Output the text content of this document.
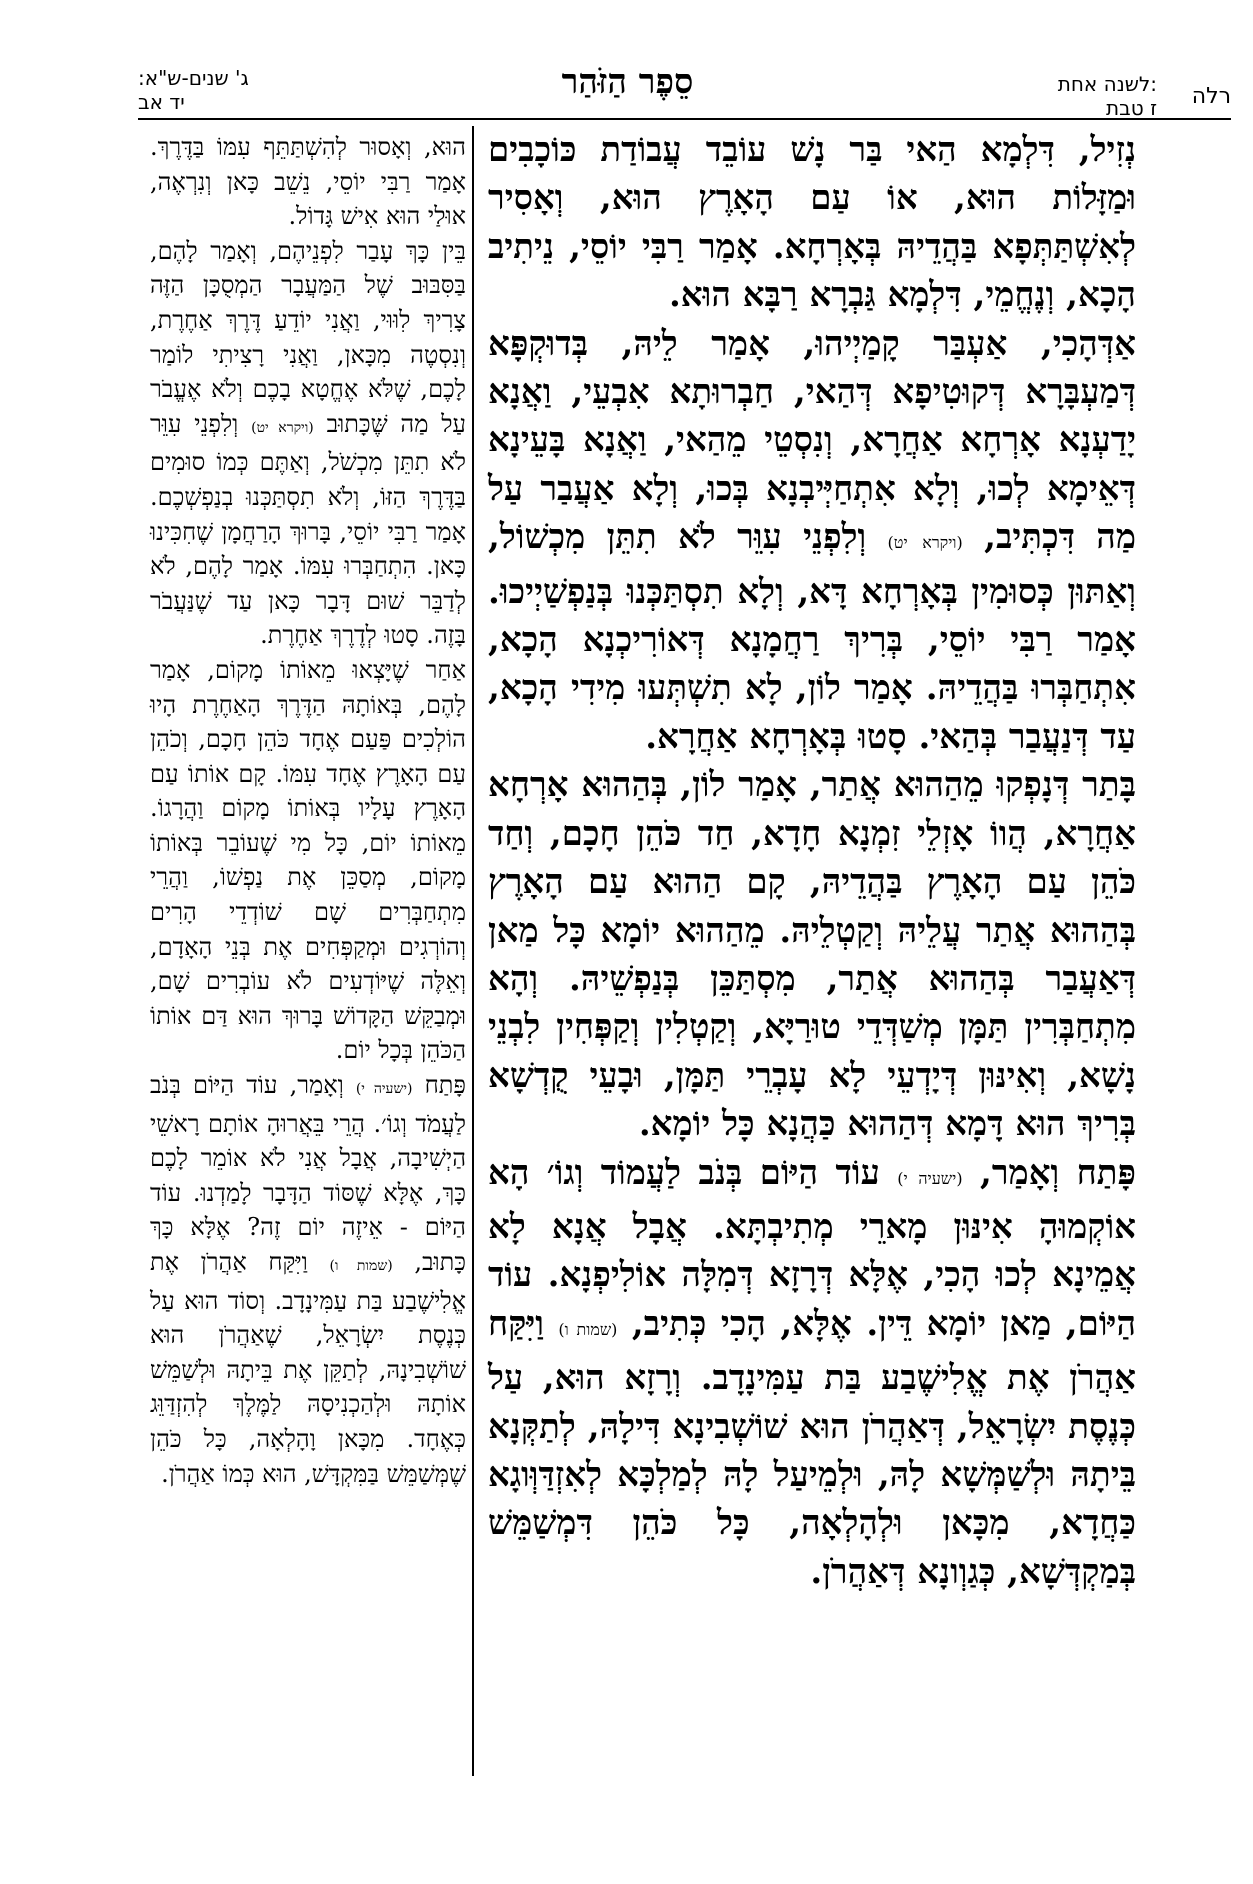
רלה
לשנה אחת:
ז טבת
סֵפֶר הַזֹּהַר
ג' שנים-ש"א:
יד אב

נְזִיל, דִּלְמָא הַאי בַּר נָשׁ עוֹבֵד עֲבוֹדַת כּוֹכָבִים וּמַזָּלוֹת הוּא, אוֹ עַם הָאָרֶץ הוּא, וְאָסִיר לְאִשְׁתַּתְּפָא בַּהֲדֵיהּ בְּאָרְחָא. אָמַר רַבִּי יוֹסֵי, נֵיתִיב הָכָא, וְנֶחֱמֵי, דִּלְמָא גַּבְרָא רַבָּא הוּא.

אַדְּהָכִי, אַעְבַּר קָמַיְיהוּ, אָמַר לֵיהּ, בְּדוּקְפָּא דְּמַעְבָּרָא דְּקוּטִיפָא דְּהַאי, חַבְרוּתָא אִבְעֵי, וַאֲנָא יָדַעְנָא אָרְחָא אַחֲרָא, וְנִסְטֵי מֵהַאי, וַאֲנָא בָּעֵינָא דְּאֵימָא לְכוּ, וְלָא אִתְחַיְּיבְנָא בְּכוּ, וְלָא אַעֲבַר עַל מַה דִּכְתִּיב, (ויקרא יט) וְלִפְנֵי עִוֵּר לֹא תִתֵּן מִכְשׁוֹל, וְאַתּוּן כְּסוּמִין בְּאָרְחָא דָּא, וְלָא תִסְתַּכְּנוּ בְּנַפְשַׁיְיכוּ. אָמַר רַבִּי יוֹסֵי, בְּרִיךְ רַחֲמָנָא דְּאוֹרִיכְנָא הָכָא, אִתְחַבְּרוּ בַּהֲדֵיהּ. אָמַר לוֹן, לָא תִשְׁתְּעוּ מִידִי הָכָא, עַד דְּנַעֲבַר בְּהַאי. סָטוּ בְּאָרְחָא אַחֲרָא.

בָּתַר דְּנָפְקוּ מֵהַהוּא אֲתַר, אָמַר לוֹן, בְּהַהוּא אָרְחָא אַחֲרָא, הֲווֹ אָזְלֵי זִמְנָא חָדָא, חַד כֹּהֵן חָכָם, וְחַד כֹּהֵן עַם הָאָרֶץ בַּהֲדֵיהּ, קָם הַהוּא עַם הָאָרֶץ בְּהַהוּא אֲתַר עֲלֵיהּ וְקַטְלֵיהּ. מֵהַהוּא יוֹמָא כָּל מַאן דְּאַעֲבַר בְּהַהוּא אֲתַר, מִסְתַּכֵּן בְּנַפְשֵׁיהּ. וְהָא מִתְחַבְּרִין תַּמָּן מְשַׁדְּדֵי טוּרַיָּא, וְקַטְלִין וְקַפְּחִין לִבְנֵי נָשָׁא, וְאִינּוּן דְּיָדְעֵי לָא עָבְרֵי תַּמָּן, וּבָעֵי קֻדְשָׁא בְּרִיךְ הוּא דָּמָא דְּהַהוּא כַּהֲנָא כָּל יוֹמָא.

פָּתַח וְאָמַר, (ישעיה י) עוֹד הַיּוֹם בְּנֹב לַעֲמוֹד וְגוֹ׳ הָא אוֹקְמוּהָ אִינּוּן מָארֵי מְתִיבְתָּא. אֲבָל אֲנָא לָא אֲמֵינָא לְכוּ הָכִי, אֶלָּא דְּרָזָא דְּמִלָּה אוֹלִיפְנָא. עוֹד הַיּוֹם, מַאן יוֹמָא דֵּין. אֶלָּא, הָכִי כְּתִיב, (שמות ו) וַיִּקַּח אַהֲרֹן אֶת אֱלִישֶׁבַע בַּת עַמִּינָדָב. וְרָזָא הוּא, עַל כְּנֶסֶת יִשְׂרָאֵל, דְּאַהֲרֹן הוּא שׁוֹשְׁבִינָא דִּילָהּ, לְתַקְּנָא בֵּיתָהּ וּלְשַׁמְּשָׁא לָהּ, וּלְמֵיעַל לָהּ לְמַלְכָּא לְאִזְדַּוְּוגָא כַּחֲדָא, מִכָּאן וּלְהָלְאָה, כָּל כֹּהֵן דִּמְשַׁמֵּשׁ בְּמַקְדְּשָׁא, כְּגַוְונָא דְּאַהֲרֹן.

הוּא, וְאָסוּר לְהִשְׁתַּתֵּף עִמּוֹ בַּדֶּרֶךְ. אָמַר רַבִּי יוֹסֵי, נֵשֵׁב כָּאן וְנִרְאֶה, אוּלַי הוּא אִישׁ גָּדוֹל.

בֵּין כָּךְ עָבַר לִפְנֵיהֶם, וְאָמַר לָהֶם, בַּסִּבּוּב שֶׁל הַמַּעֲבָר הַמְסֻכָּן הַזֶּה צָרִיךְ לִוּוּי, וַאֲנִי יוֹדֵעַ דֶּרֶךְ אַחֶרֶת, וְנִסְטֶה מִכָּאן, וַאֲנִי רָצִיתִי לוֹמַר לָכֶם, שֶׁלֹּא אֶחֱטָא בָכֶם וְלֹא אֶעֱבֹר עַל מַה שֶּׁכָּתוּב (ויקרא יט) וְלִפְנֵי עִוֵּר לֹא תִתֵּן מִכְשֹׁל, וְאַתֶּם כְּמוֹ סוּמִים בַּדֶּרֶךְ הַזּוֹ, וְלֹא תִסְתַּכְּנוּ בְנַפְשְׁכֶם. אָמַר רַבִּי יוֹסֵי, בָּרוּךְ הָרַחֲמָן שֶׁחִכִּינוּ כָּאן. הִתְחַבְּרוּ עִמּוֹ. אָמַר לָהֶם, לֹא לְדַבֵּר שׁוּם דָּבָר כָּאן עַד שֶׁנַּעֲבֹר בָּזֶה. סָטוּ לְדֶרֶךְ אַחֶרֶת.

אַחַר שֶׁיָּצְאוּ מֵאוֹתוֹ מָקוֹם, אָמַר לָהֶם, בְּאוֹתָהּ הַדֶּרֶךְ הָאַחֶרֶת הָיוּ הוֹלְכִים פַּעַם אֶחָד כֹּהֵן חָכָם, וְכֹהֵן עַם הָאָרֶץ אֶחָד עִמּוֹ. קָם אוֹתוֹ עַם הָאָרֶץ עָלָיו בְּאוֹתוֹ מָקוֹם וַהֲרָגוֹ. מֵאוֹתוֹ יוֹם, כָּל מִי שֶׁעוֹבֵר בְּאוֹתוֹ מָקוֹם, מְסַכֵּן אֶת נַפְשׁוֹ, וַהֲרֵי מִתְחַבְּרִים שָׁם שׁוֹדְדֵי הָרִים וְהוֹרְגִים וּמְקַפְּחִים אֶת בְּנֵי הָאָדָם, וְאֵלֶּה שֶׁיּוֹדְעִים לֹא עוֹבְרִים שָׁם, וּמְבַקֵּשׁ הַקָּדוֹשׁ בָּרוּךְ הוּא דַּם אוֹתוֹ הַכֹּהֵן בְּכָל יוֹם.

פָּתַח (ישעיה י) וְאָמַר, עוֹד הַיּוֹם בְּנֹב לַעֲמֹד וְגוֹ׳. הֲרֵי בֵּאֲרוּהָ אוֹתָם רָאשֵׁי הַיְשִׁיבָה, אֲבָל אֲנִי לֹא אוֹמֵר לָכֶם כָּךְ, אֶלָּא שֶׁסּוֹד הַדָּבָר לָמַדְנוּ. עוֹד הַיּוֹם - אֵיזֶה יוֹם זֶה? אֶלָּא כָּךְ כָּתוּב, (שמות ו) וַיִּקַּח אַהֲרֹן אֶת אֱלִישֶׁבַע בַּת עַמִּינָדָב. וְסוֹד הוּא עַל כְּנֶסֶת יִשְׂרָאֵל, שֶׁאַהֲרֹן הוּא שׁוֹשְׁבִינָהּ, לְתַקֵּן אֶת בֵּיתָהּ וּלְשַׁמֵּשׁ אוֹתָהּ וּלְהַכְנִיסָהּ לַמֶּלֶךְ לְהִזְדַּוֵּג כְּאֶחָד. מִכָּאן וָהָלְאָה, כָּל כֹּהֵן שֶׁמְּשַׁמֵּשׁ בַּמִּקְדָּשׁ, הוּא כְּמוֹ אַהֲרֹן.
